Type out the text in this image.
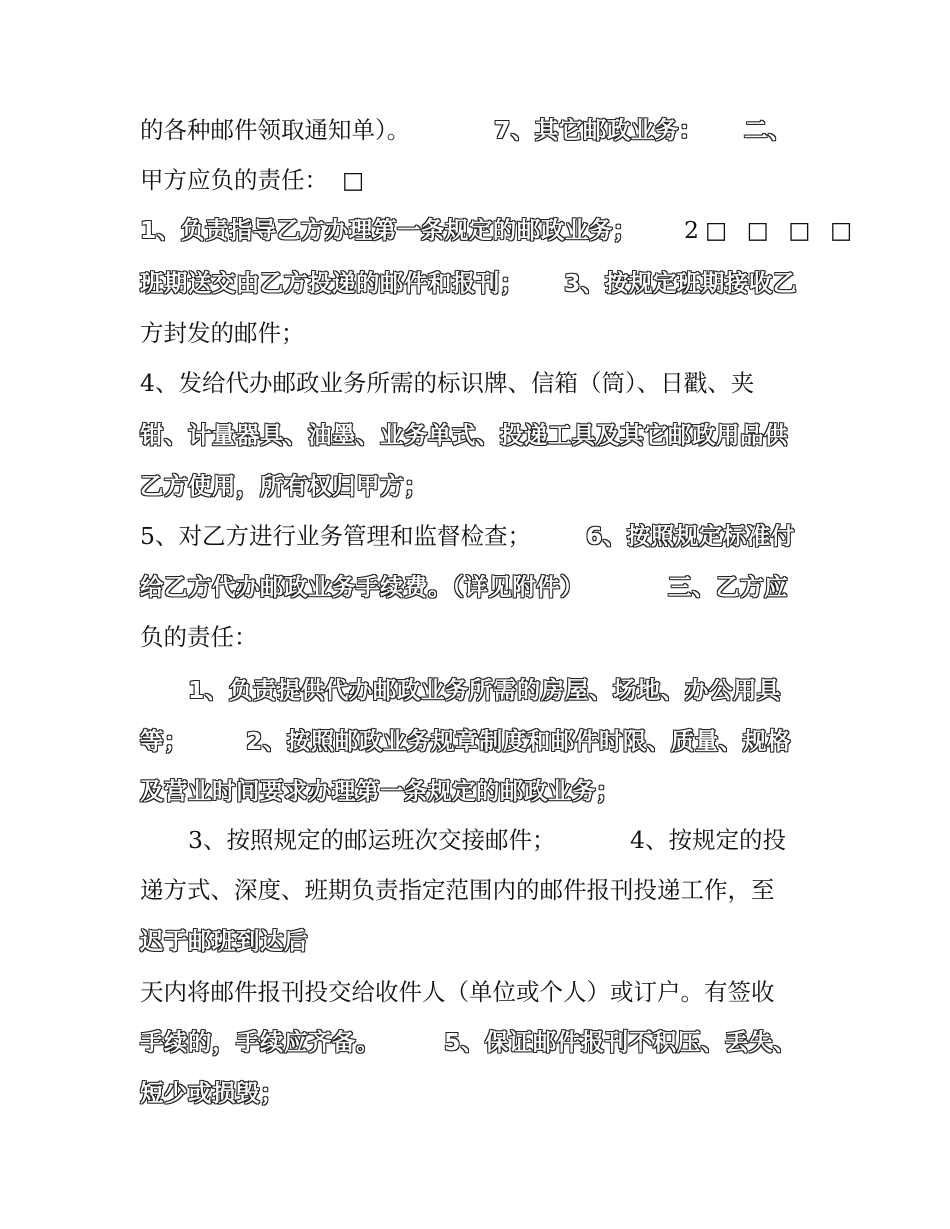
的各种邮件领取通知单）。	7、其它邮政业务： 二、
甲方应负的责任： □
1、负责指导乙方办理第一条规定的邮政业务； 2□ □ □ □
班期送交由乙方投递的邮件和报刊； 3、按规定班期接收乙
方封发的邮件；
4、发给代办邮政业务所需的标识牌、信箱（筒）、日戳、夹
钳、计量器具、油墨、业务单式、投递工具及其它邮政用品供
乙方使用，所有权归甲方；
5、对乙方进行业务管理和监督检查； 6、按照规定标准付
给乙方代办邮政业务手续费。（详见附件）	三、乙方应
负的责任：
1、负责提供代办邮政业务所需的房屋、场地、办公用具
等； 2、按照邮政业务规章制度和邮件时限、质量、规格
及营业时间要求办理第一条规定的邮政业务；
3、按照规定的邮运班次交接邮件；	4、按规定的投
递方式、深度、班期负责指定范围内的邮件报刊投递工作，至
迟于邮班到达后
天内将邮件报刊投交给收件人（单位或个人）或订户。有签收
手续的，手续应齐备。	5、保证邮件报刊不积压、丢失、
短少或损毁；
